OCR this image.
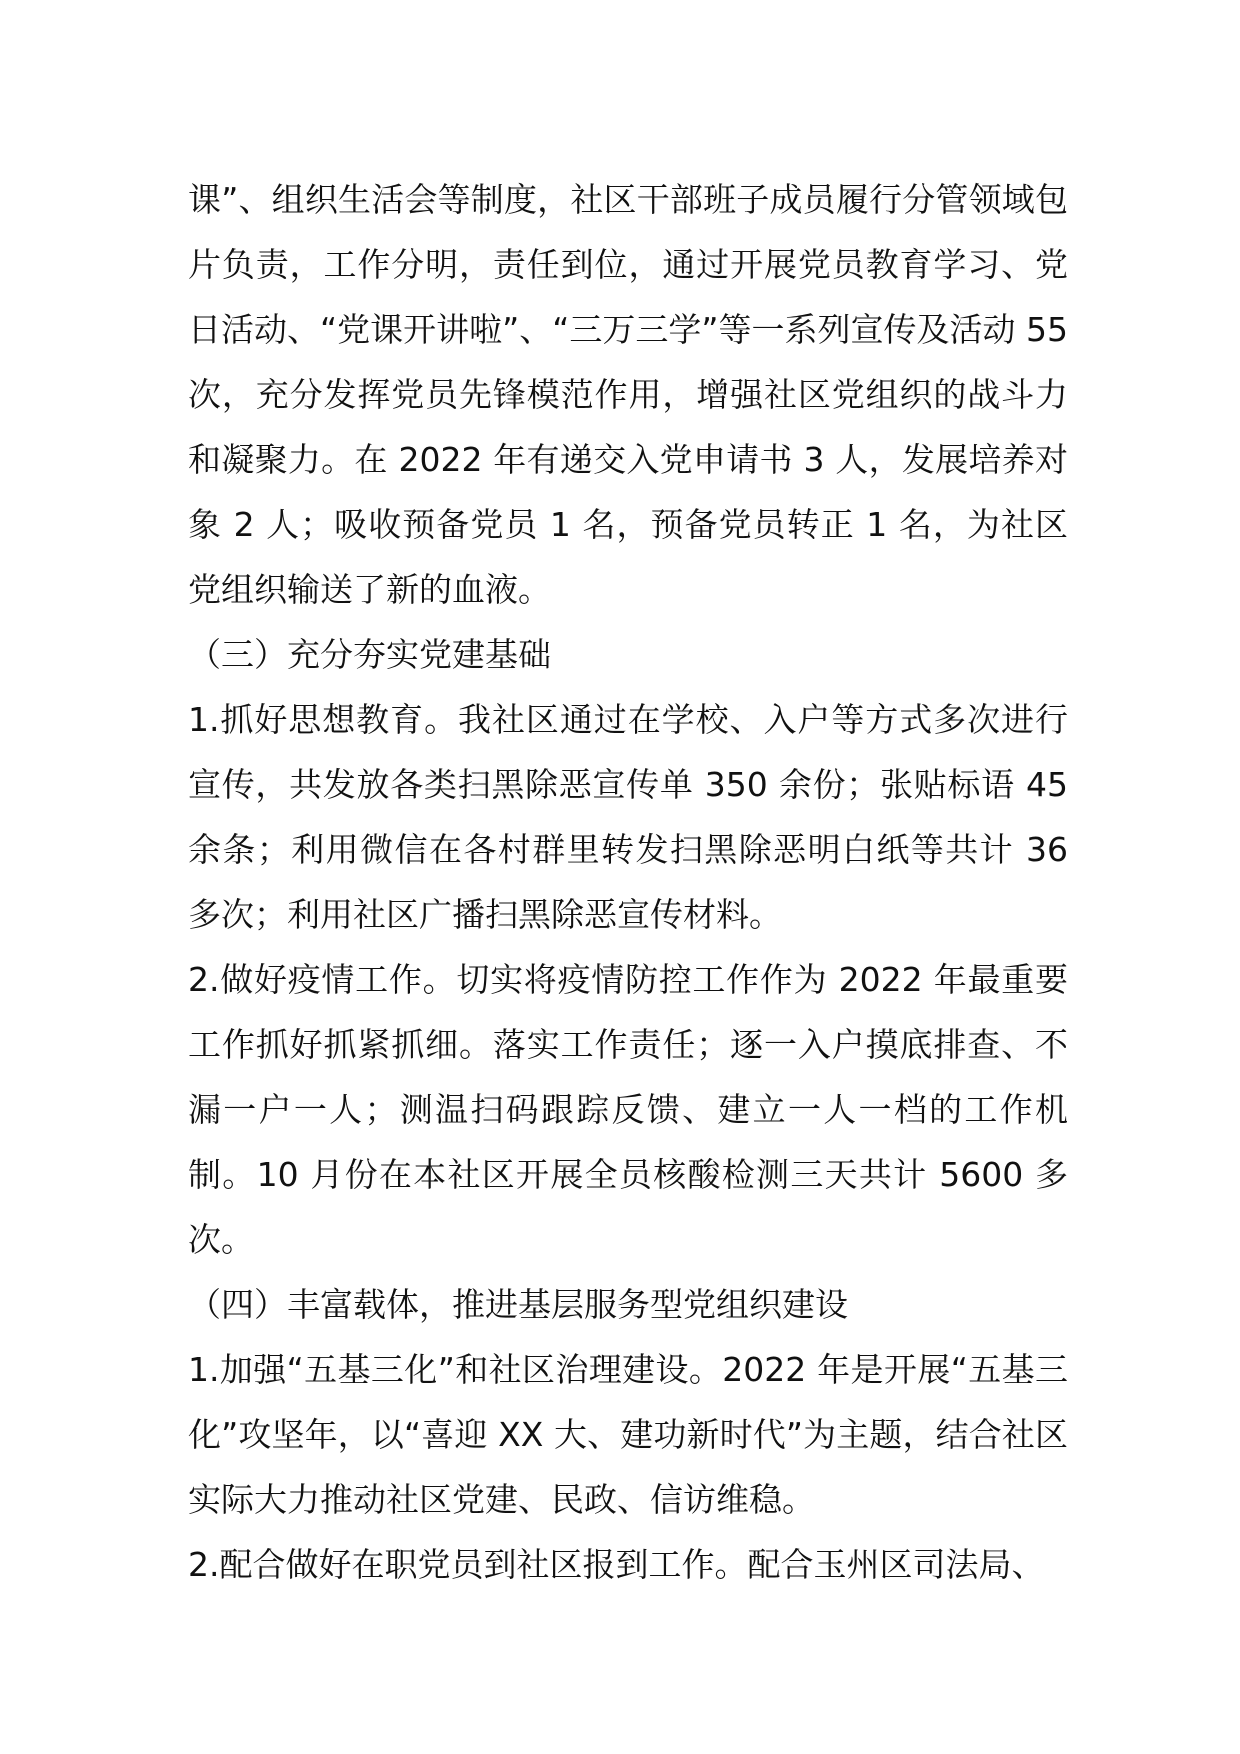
课”、组织生活会等制度，社区干部班子成员履行分管领域包片负责，工作分明，责任到位，通过开展党员教育学习、党日活动、“党课开讲啦”、“三万三学”等一系列宣传及活动 55 次，充分发挥党员先锋模范作用，增强社区党组织的战斗力和凝聚力。在 2022 年有递交入党申请书 3 人，发展培养对象 2 人；吸收预备党员 1 名，预备党员转正 1 名，为社区党组织输送了新的血液。

（三）充分夯实党建基础

1.抓好思想教育。我社区通过在学校、入户等方式多次进行宣传，共发放各类扫黑除恶宣传单 350 余份；张贴标语 45 余条；利用微信在各村群里转发扫黑除恶明白纸等共计 36 多次；利用社区广播扫黑除恶宣传材料。

2.做好疫情工作。切实将疫情防控工作作为 2022 年最重要工作抓好抓紧抓细。落实工作责任；逐一入户摸底排查、不漏一户一人；测温扫码跟踪反馈、建立一人一档的工作机制。10 月份在本社区开展全员核酸检测三天共计 5600 多次。

（四）丰富载体，推进基层服务型党组织建设

1.加强“五基三化”和社区治理建设。2022 年是开展“五基三化”攻坚年，以“喜迎 XX 大、建功新时代”为主题，结合社区实际大力推动社区党建、民政、信访维稳。

2.配合做好在职党员到社区报到工作。配合玉州区司法局、
